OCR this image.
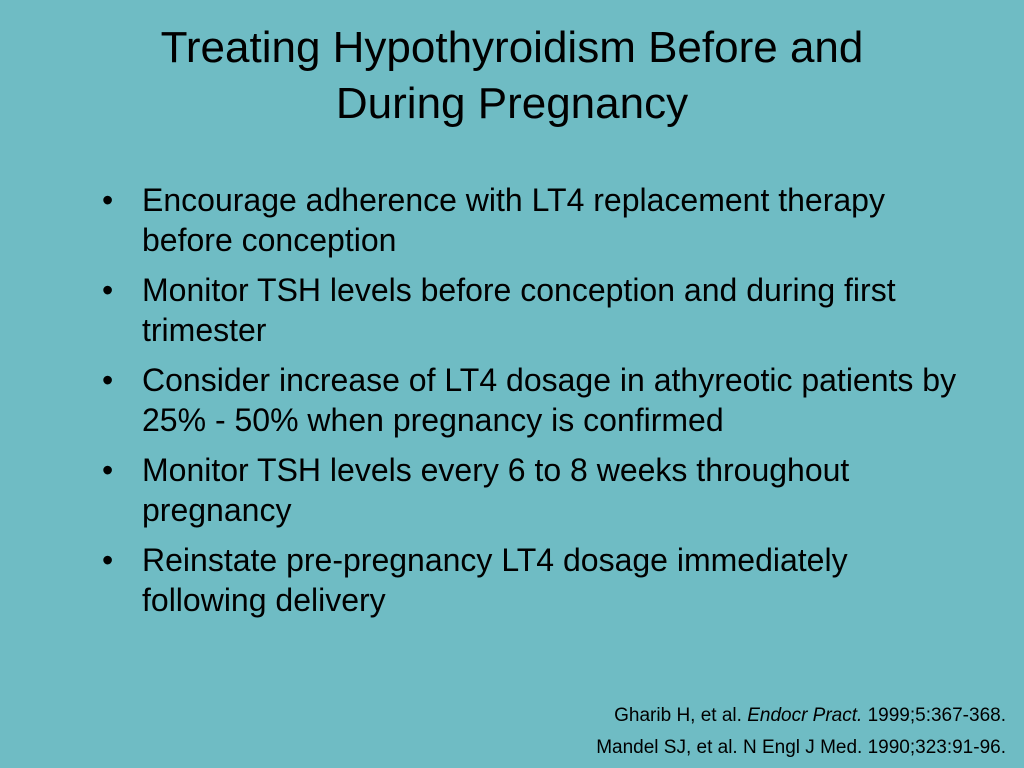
Treating Hypothyroidism Before and
During Pregnancy
• Encourage adherence with LT4 replacement therapy before conception
• Monitor TSH levels before conception and during first trimester
• Consider increase of LT4 dosage in athyreotic patients by 25% - 50% when pregnancy is confirmed
• Monitor TSH levels every 6 to 8 weeks throughout pregnancy
• Reinstate pre-pregnancy LT4 dosage immediately following delivery
Gharib H, et al. Endocr Pract. 1999;5:367-368.
Mandel SJ, et al. N Engl J Med. 1990;323:91-96.
